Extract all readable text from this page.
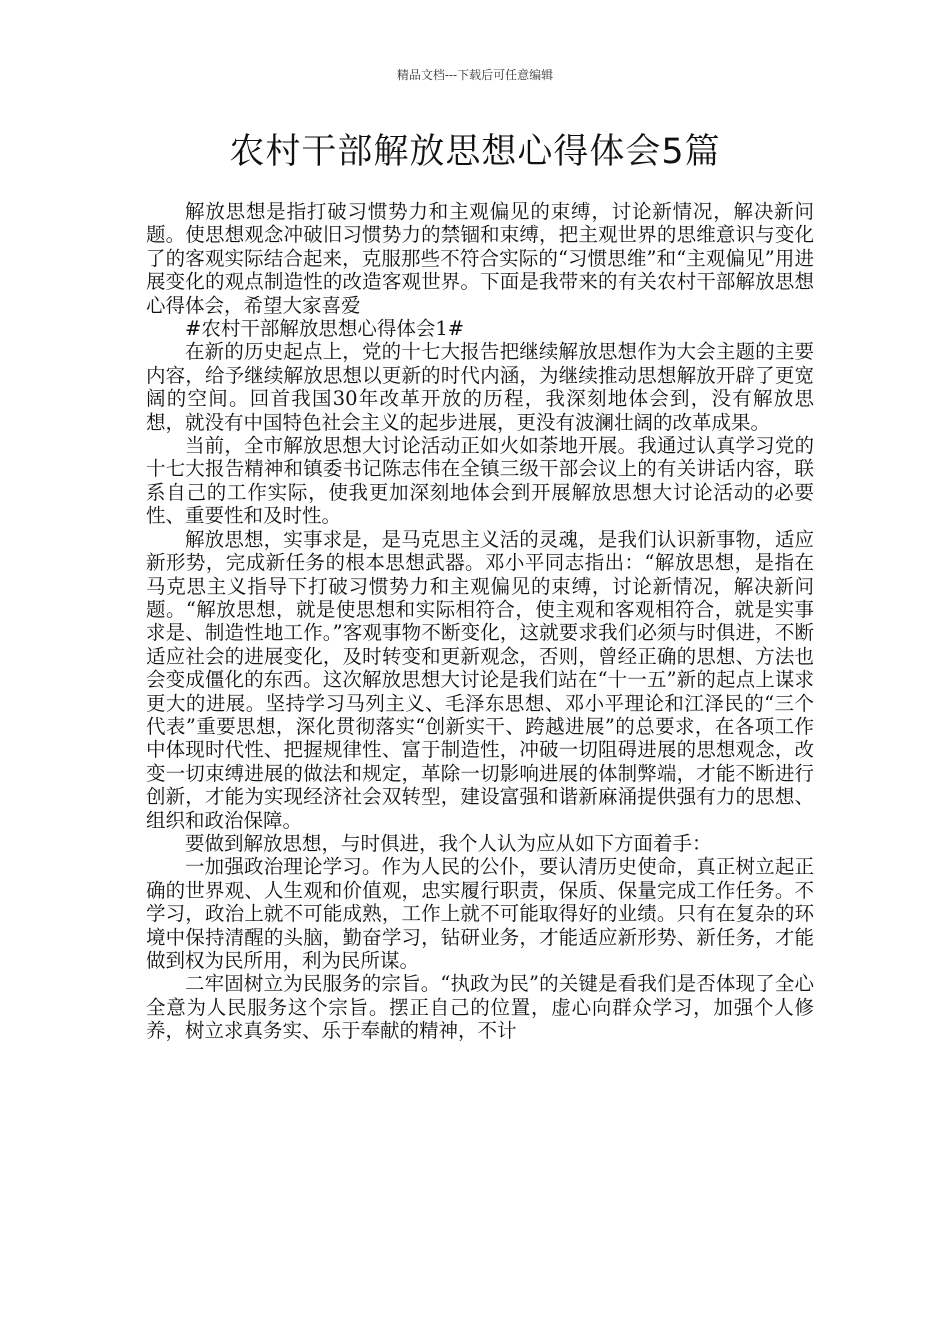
精品文档---下载后可任意编辑
农村干部解放思想心得体会5篇

解放思想是指打破习惯势力和主观偏见的束缚，讨论新情况，解决新问题。使思想观念冲破旧习惯势力的禁锢和束缚，把主观世界的思维意识与变化了的客观实际结合起来，克服那些不符合实际的“习惯思维”和“主观偏见”用进展变化的观点制造性的改造客观世界。下面是我带来的有关农村干部解放思想心得体会，希望大家喜爱

#农村干部解放思想心得体会1#

在新的历史起点上，党的十七大报告把继续解放思想作为大会主题的主要内容，给予继续解放思想以更新的时代内涵，为继续推动思想解放开辟了更宽阔的空间。回首我国30年改革开放的历程，我深刻地体会到，没有解放思想，就没有中国特色社会主义的起步进展，更没有波澜壮阔的改革成果。

当前，全市解放思想大讨论活动正如火如荼地开展。我通过认真学习党的十七大报告精神和镇委书记陈志伟在全镇三级干部会议上的有关讲话内容，联系自己的工作实际，使我更加深刻地体会到开展解放思想大讨论活动的必要性、重要性和及时性。

解放思想，实事求是，是马克思主义活的灵魂，是我们认识新事物，适应新形势，完成新任务的根本思想武器。邓小平同志指出：“解放思想，是指在马克思主义指导下打破习惯势力和主观偏见的束缚，讨论新情况，解决新问题。“解放思想，就是使思想和实际相符合，使主观和客观相符合，就是实事求是、制造性地工作。”客观事物不断变化，这就要求我们必须与时俱进，不断适应社会的进展变化，及时转变和更新观念，否则，曾经正确的思想、方法也会变成僵化的东西。这次解放思想大讨论是我们站在“十一五”新的起点上谋求更大的进展。坚持学习马列主义、毛泽东思想、邓小平理论和江泽民的“三个代表”重要思想，深化贯彻落实“创新实干、跨越进展”的总要求，在各项工作中体现时代性、把握规律性、富于制造性，冲破一切阻碍进展的思想观念，改变一切束缚进展的做法和规定，革除一切影响进展的体制弊端，才能不断进行创新，才能为实现经济社会双转型，建设富强和谐新麻涌提供强有力的思想、组织和政治保障。

要做到解放思想，与时俱进，我个人认为应从如下方面着手：

一加强政治理论学习。作为人民的公仆，要认清历史使命，真正树立起正确的世界观、人生观和价值观，忠实履行职责，保质、保量完成工作任务。不学习，政治上就不可能成熟，工作上就不可能取得好的业绩。只有在复杂的环境中保持清醒的头脑，勤奋学习，钻研业务，才能适应新形势、新任务，才能做到权为民所用，利为民所谋。

二牢固树立为民服务的宗旨。“执政为民”的关键是看我们是否体现了全心全意为人民服务这个宗旨。摆正自己的位置，虚心向群众学习，加强个人修养，树立求真务实、乐于奉献的精神，不计
